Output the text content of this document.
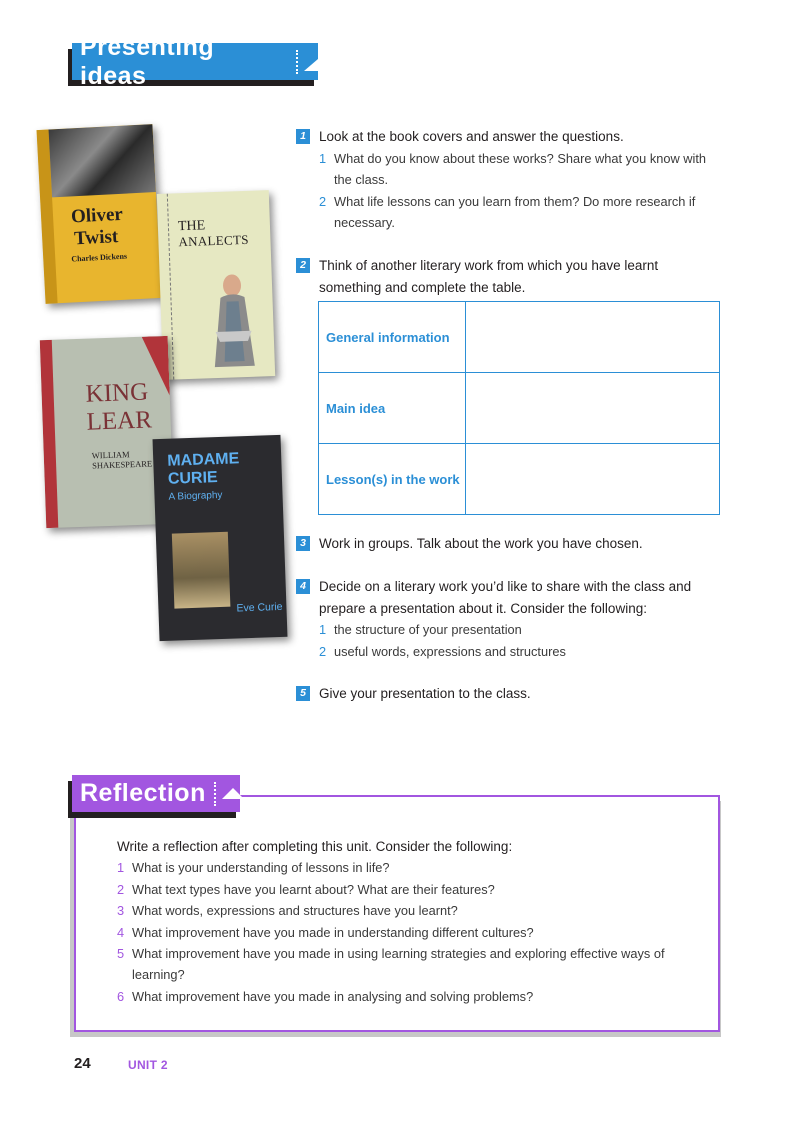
Presenting ideas
Oliver
Twist
Charles Dickens
THE
ANALECTS
KING
LEAR
WILLIAM
SHAKESPEARE MADAME
CURIE
A Biography
Eve Curie
1 Look at the book covers and answer the questions.
1 What do you know about these works? Share what you know with the class.
2 What life lessons can you learn from them? Do more research if necessary.
2 Think of another literary work from which you have learnt something and complete the table.
General information	
Main idea	
Lesson(s) in the work	
3 Work in groups. Talk about the work you have chosen.
4 Decide on a literary work you’d like to share with the class and prepare a presentation about it. Consider the following:
1 the structure of your presentation
2 useful words, expressions and structures
5 Give your presentation to the class.
Reflection
Write a reflection after completing this unit. Consider the following:
1 What is your understanding of lessons in life?
2 What text types have you learnt about? What are their features?
3 What words, expressions and structures have you learnt?
4 What improvement have you made in understanding different cultures?
5 What improvement have you made in using learning strategies and exploring effective ways of learning?
6 What improvement have you made in analysing and solving problems?
24	UNIT 2
